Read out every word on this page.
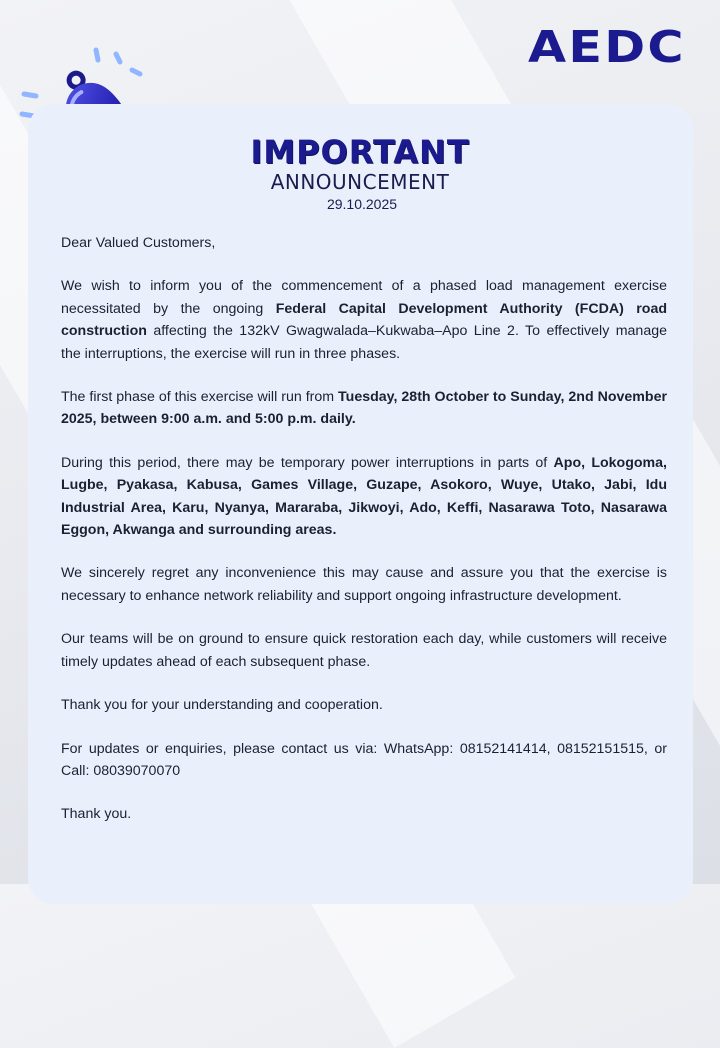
AEDC
IMPORTANT
ANNOUNCEMENT
29.10.2025

Dear Valued Customers,

We wish to inform you of the commencement of a phased load management exercise necessitated by the ongoing Federal Capital Development Authority (FCDA) road construction affecting the 132kV Gwagwalada–Kukwaba–Apo Line 2. To effectively manage the interruptions, the exercise will run in three phases.

The first phase of this exercise will run from Tuesday, 28th October to Sunday, 2nd November 2025, between 9:00 a.m. and 5:00 p.m. daily.

During this period, there may be temporary power interruptions in parts of Apo, Lokogoma, Lugbe, Pyakasa, Kabusa, Games Village, Guzape, Asokoro, Wuye, Utako, Jabi, Idu Industrial Area, Karu, Nyanya, Mararaba, Jikwoyi, Ado, Keffi, Nasarawa Toto, Nasarawa Eggon, Akwanga and surrounding areas.

We sincerely regret any inconvenience this may cause and assure you that the exercise is necessary to enhance network reliability and support ongoing infrastructure development.

Our teams will be on ground to ensure quick restoration each day, while customers will receive timely updates ahead of each subsequent phase.

Thank you for your understanding and cooperation.

For updates or enquiries, please contact us via: WhatsApp: 08152141414, 08152151515, or Call: 08039070070

Thank you.
